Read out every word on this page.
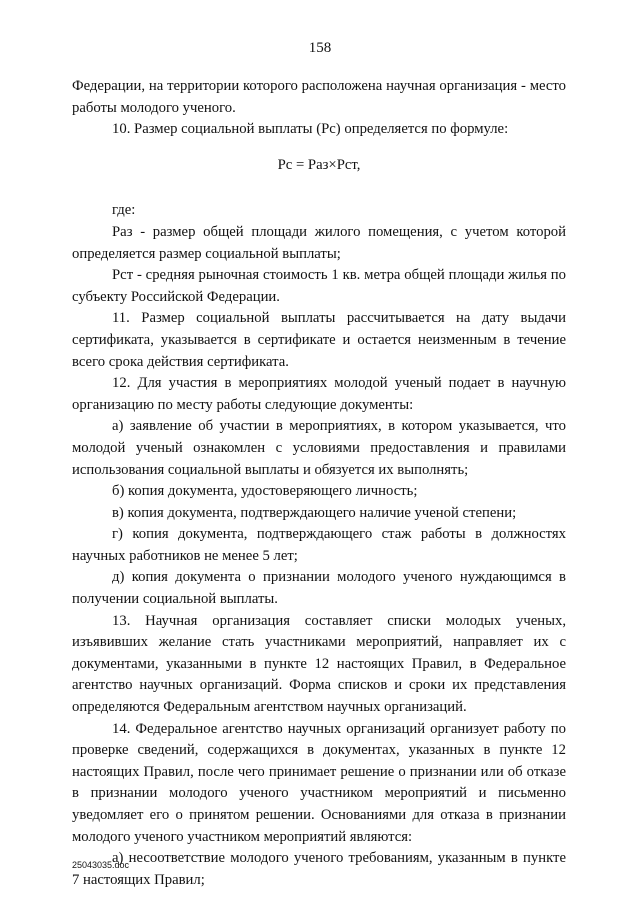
158

Федерации, на территории которого расположена научная организация - место работы молодого ученого.

10. Размер социальной выплаты (Рс) определяется по формуле:

Рс = Раз×Рст,

где:

Раз - размер общей площади жилого помещения, с учетом которой определяется размер социальной выплаты;

Рст - средняя рыночная стоимость 1 кв. метра общей площади жилья по субъекту Российской Федерации.

11. Размер социальной выплаты рассчитывается на дату выдачи сертификата, указывается в сертификате и остается неизменным в течение всего срока действия сертификата.

12. Для участия в мероприятиях молодой ученый подает в научную организацию по месту работы следующие документы:

а) заявление об участии в мероприятиях, в котором указывается, что молодой ученый ознакомлен с условиями предоставления и правилами использования социальной выплаты и обязуется их выполнять;

б) копия документа, удостоверяющего личность;

в) копия документа, подтверждающего наличие ученой степени;

г) копия документа, подтверждающего стаж работы в должностях научных работников не менее 5 лет;

д) копия документа о признании молодого ученого нуждающимся в получении социальной выплаты.

13. Научная организация составляет списки молодых ученых, изъявивших желание стать участниками мероприятий, направляет их с документами, указанными в пункте 12 настоящих Правил, в Федеральное агентство научных организаций. Форма списков и сроки их представления определяются Федеральным агентством научных организаций.

14. Федеральное агентство научных организаций организует работу по проверке сведений, содержащихся в документах, указанных в пункте 12 настоящих Правил, после чего принимает решение о признании или об отказе в признании молодого ученого участником мероприятий и письменно уведомляет его о принятом решении. Основаниями для отказа в признании молодого ученого участником мероприятий являются:

а) несоответствие молодого ученого требованиям, указанным в пункте 7 настоящих Правил;

25043035.doc
